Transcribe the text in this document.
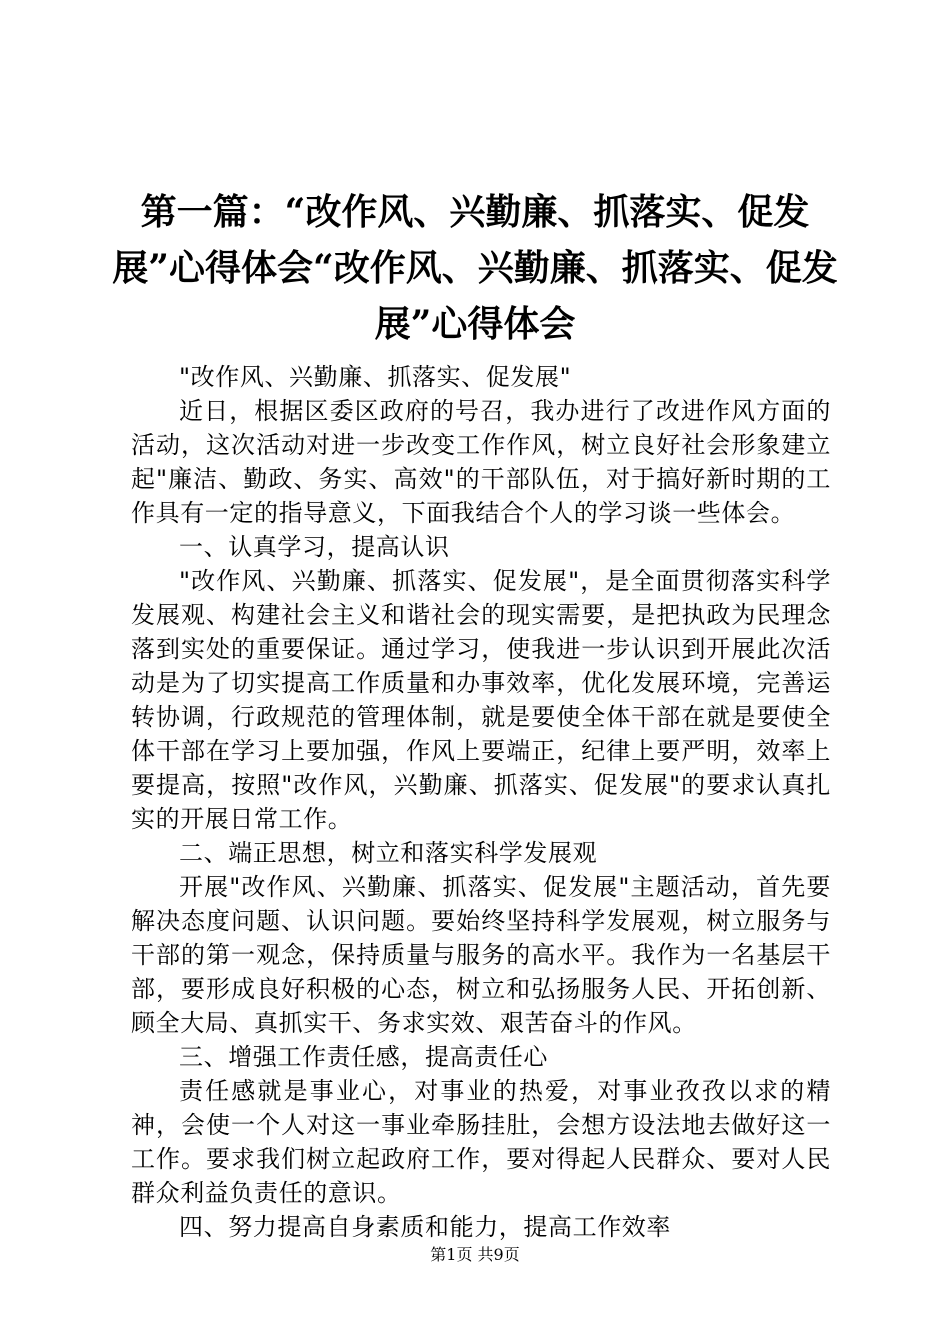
第一篇：“改作风、兴勤廉、抓落实、促发展”心得体会“改作风、兴勤廉、抓落实、促发展”心得体会

"改作风、兴勤廉、抓落实、促发展"

近日，根据区委区政府的号召，我办进行了改进作风方面的活动，这次活动对进一步改变工作作风，树立良好社会形象建立起"廉洁、勤政、务实、高效"的干部队伍，对于搞好新时期的工作具有一定的指导意义，下面我结合个人的学习谈一些体会。

一、认真学习，提高认识

"改作风、兴勤廉、抓落实、促发展"，是全面贯彻落实科学发展观、构建社会主义和谐社会的现实需要，是把执政为民理念落到实处的重要保证。通过学习，使我进一步认识到开展此次活动是为了切实提高工作质量和办事效率，优化发展环境，完善运转协调，行政规范的管理体制，就是要使全体干部在就是要使全体干部在学习上要加强，作风上要端正，纪律上要严明，效率上要提高，按照"改作风，兴勤廉、抓落实、促发展"的要求认真扎实的开展日常工作。

二、端正思想，树立和落实科学发展观

开展"改作风、兴勤廉、抓落实、促发展"主题活动，首先要解决态度问题、认识问题。要始终坚持科学发展观，树立服务与干部的第一观念，保持质量与服务的高水平。我作为一名基层干部，要形成良好积极的心态，树立和弘扬服务人民、开拓创新、顾全大局、真抓实干、务求实效、艰苦奋斗的作风。

三、增强工作责任感，提高责任心

责任感就是事业心，对事业的热爱，对事业孜孜以求的精神，会使一个人对这一事业牵肠挂肚，会想方设法地去做好这一工作。要求我们树立起政府工作，要对得起人民群众、要对人民群众利益负责任的意识。

四、努力提高自身素质和能力，提高工作效率

第1页 共9页
